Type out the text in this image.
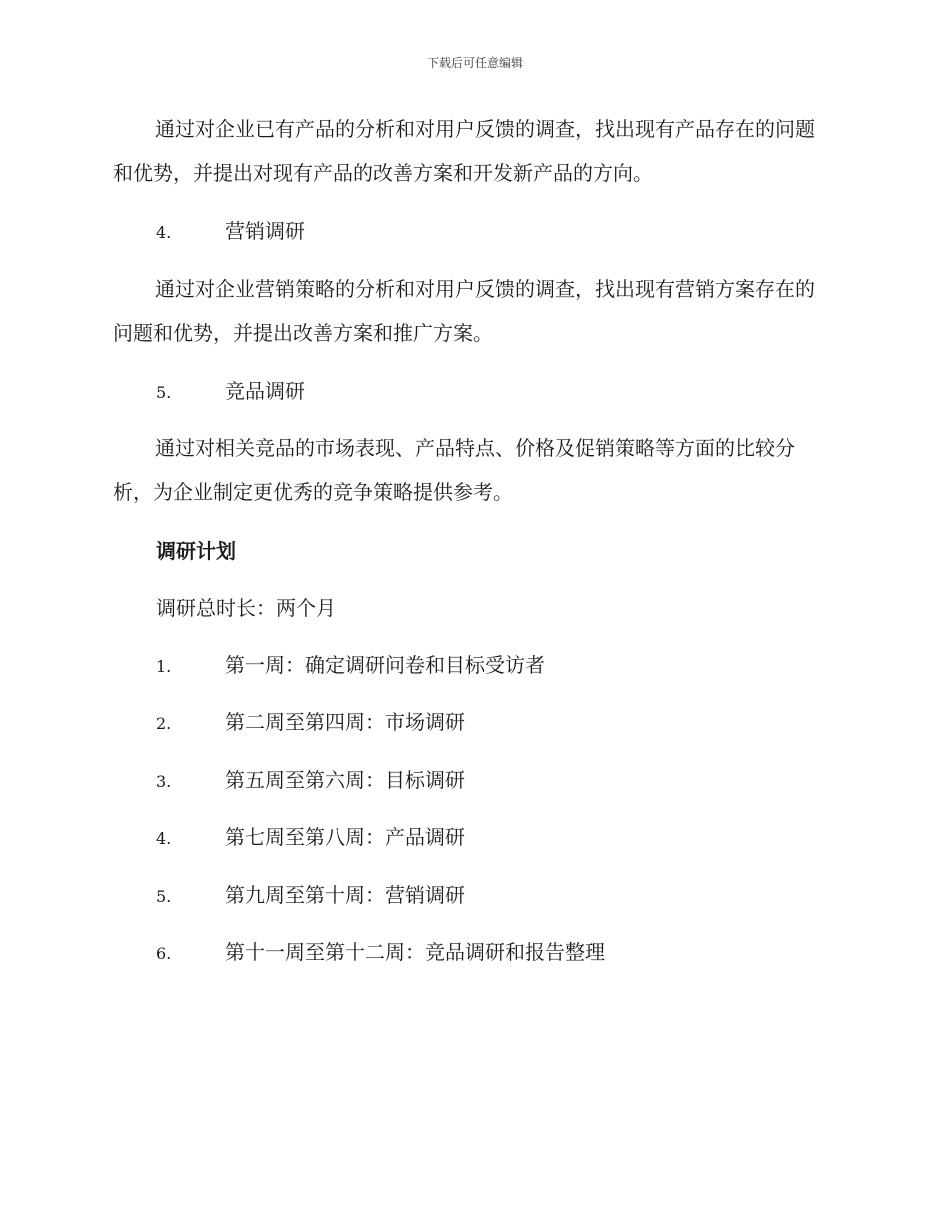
下载后可任意编辑

通过对企业已有产品的分析和对用户反馈的调查，找出现有产品存在的问题和优势，并提出对现有产品的改善方案和开发新产品的方向。

4.	营销调研

通过对企业营销策略的分析和对用户反馈的调查，找出现有营销方案存在的问题和优势，并提出改善方案和推广方案。

5.	竞品调研

通过对相关竞品的市场表现、产品特点、价格及促销策略等方面的比较分析，为企业制定更优秀的竞争策略提供参考。

调研计划
调研总时长：两个月
1.	第一周：确定调研问卷和目标受访者
2.	第二周至第四周：市场调研
3.	第五周至第六周：目标调研
4.	第七周至第八周：产品调研
5.	第九周至第十周：营销调研
6.	第十一周至第十二周：竞品调研和报告整理
